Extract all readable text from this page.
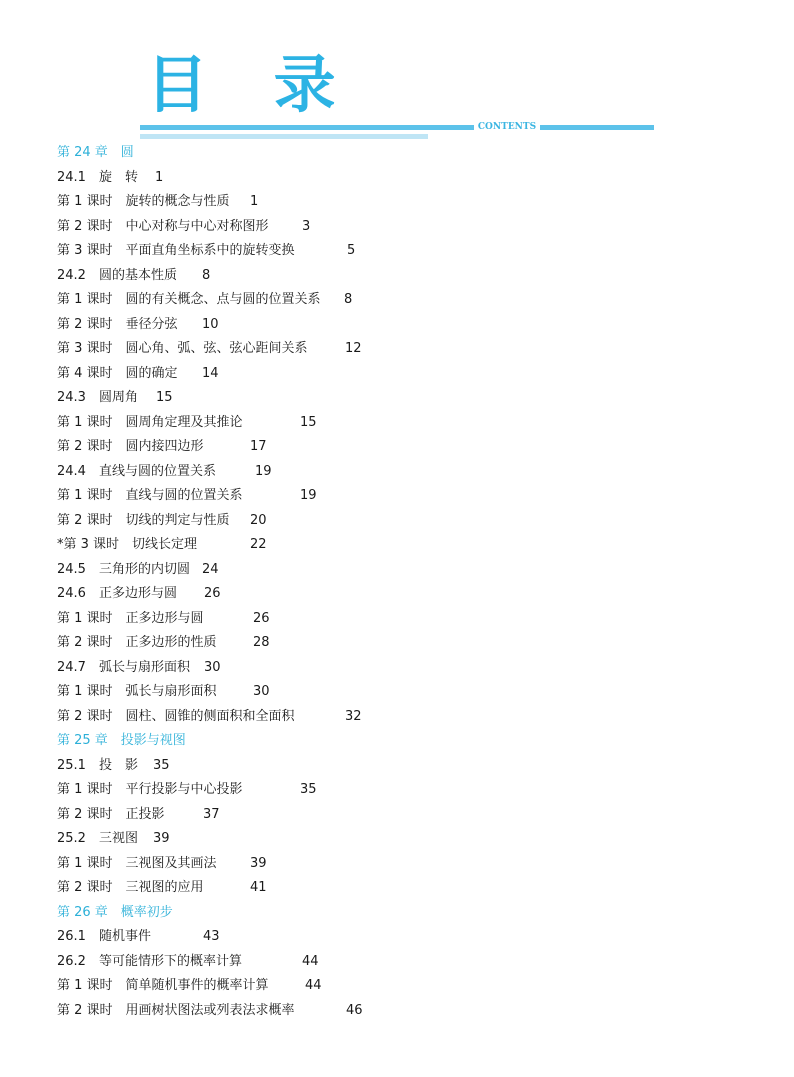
目 录
CONTENTS
第 24 章　圆
24.1　旋　转 1
第 1 课时　旋转的概念与性质 1
第 2 课时　中心对称与中心对称图形	3
第 3 课时　平面直角坐标系中的旋转变换	5
24.2　圆的基本性质 8
第 1 课时　圆的有关概念、点与圆的位置关系 8
第 2 课时　垂径分弦 10
第 3 课时　圆心角、弧、弦、弦心距间关系	12
第 4 课时　圆的确定 14
24.3　圆周角 15
第 1 课时　圆周角定理及其推论	15
第 2 课时　圆内接四边形	17
24.4　直线与圆的位置关系	19
第 1 课时　直线与圆的位置关系	19
第 2 课时　切线的判定与性质 20
*第 3 课时　切线长定理	22
24.5　三角形的内切圆 24
24.6　正多边形与圆 26
第 1 课时　正多边形与圆	26
第 2 课时　正多边形的性质	28
24.7　弧长与扇形面积 30
第 1 课时　弧长与扇形面积	30
第 2 课时　圆柱、圆锥的侧面积和全面积	32
第 25 章　投影与视图
25.1　投　影 35
第 1 课时　平行投影与中心投影	35
第 2 课时　正投影	37
25.2　三视图 39
第 1 课时　三视图及其画法	39
第 2 课时　三视图的应用	41
第 26 章　概率初步
26.1　随机事件	43
26.2　等可能情形下的概率计算	44
第 1 课时　简单随机事件的概率计算	44
第 2 课时　用画树状图法或列表法求概率	46
